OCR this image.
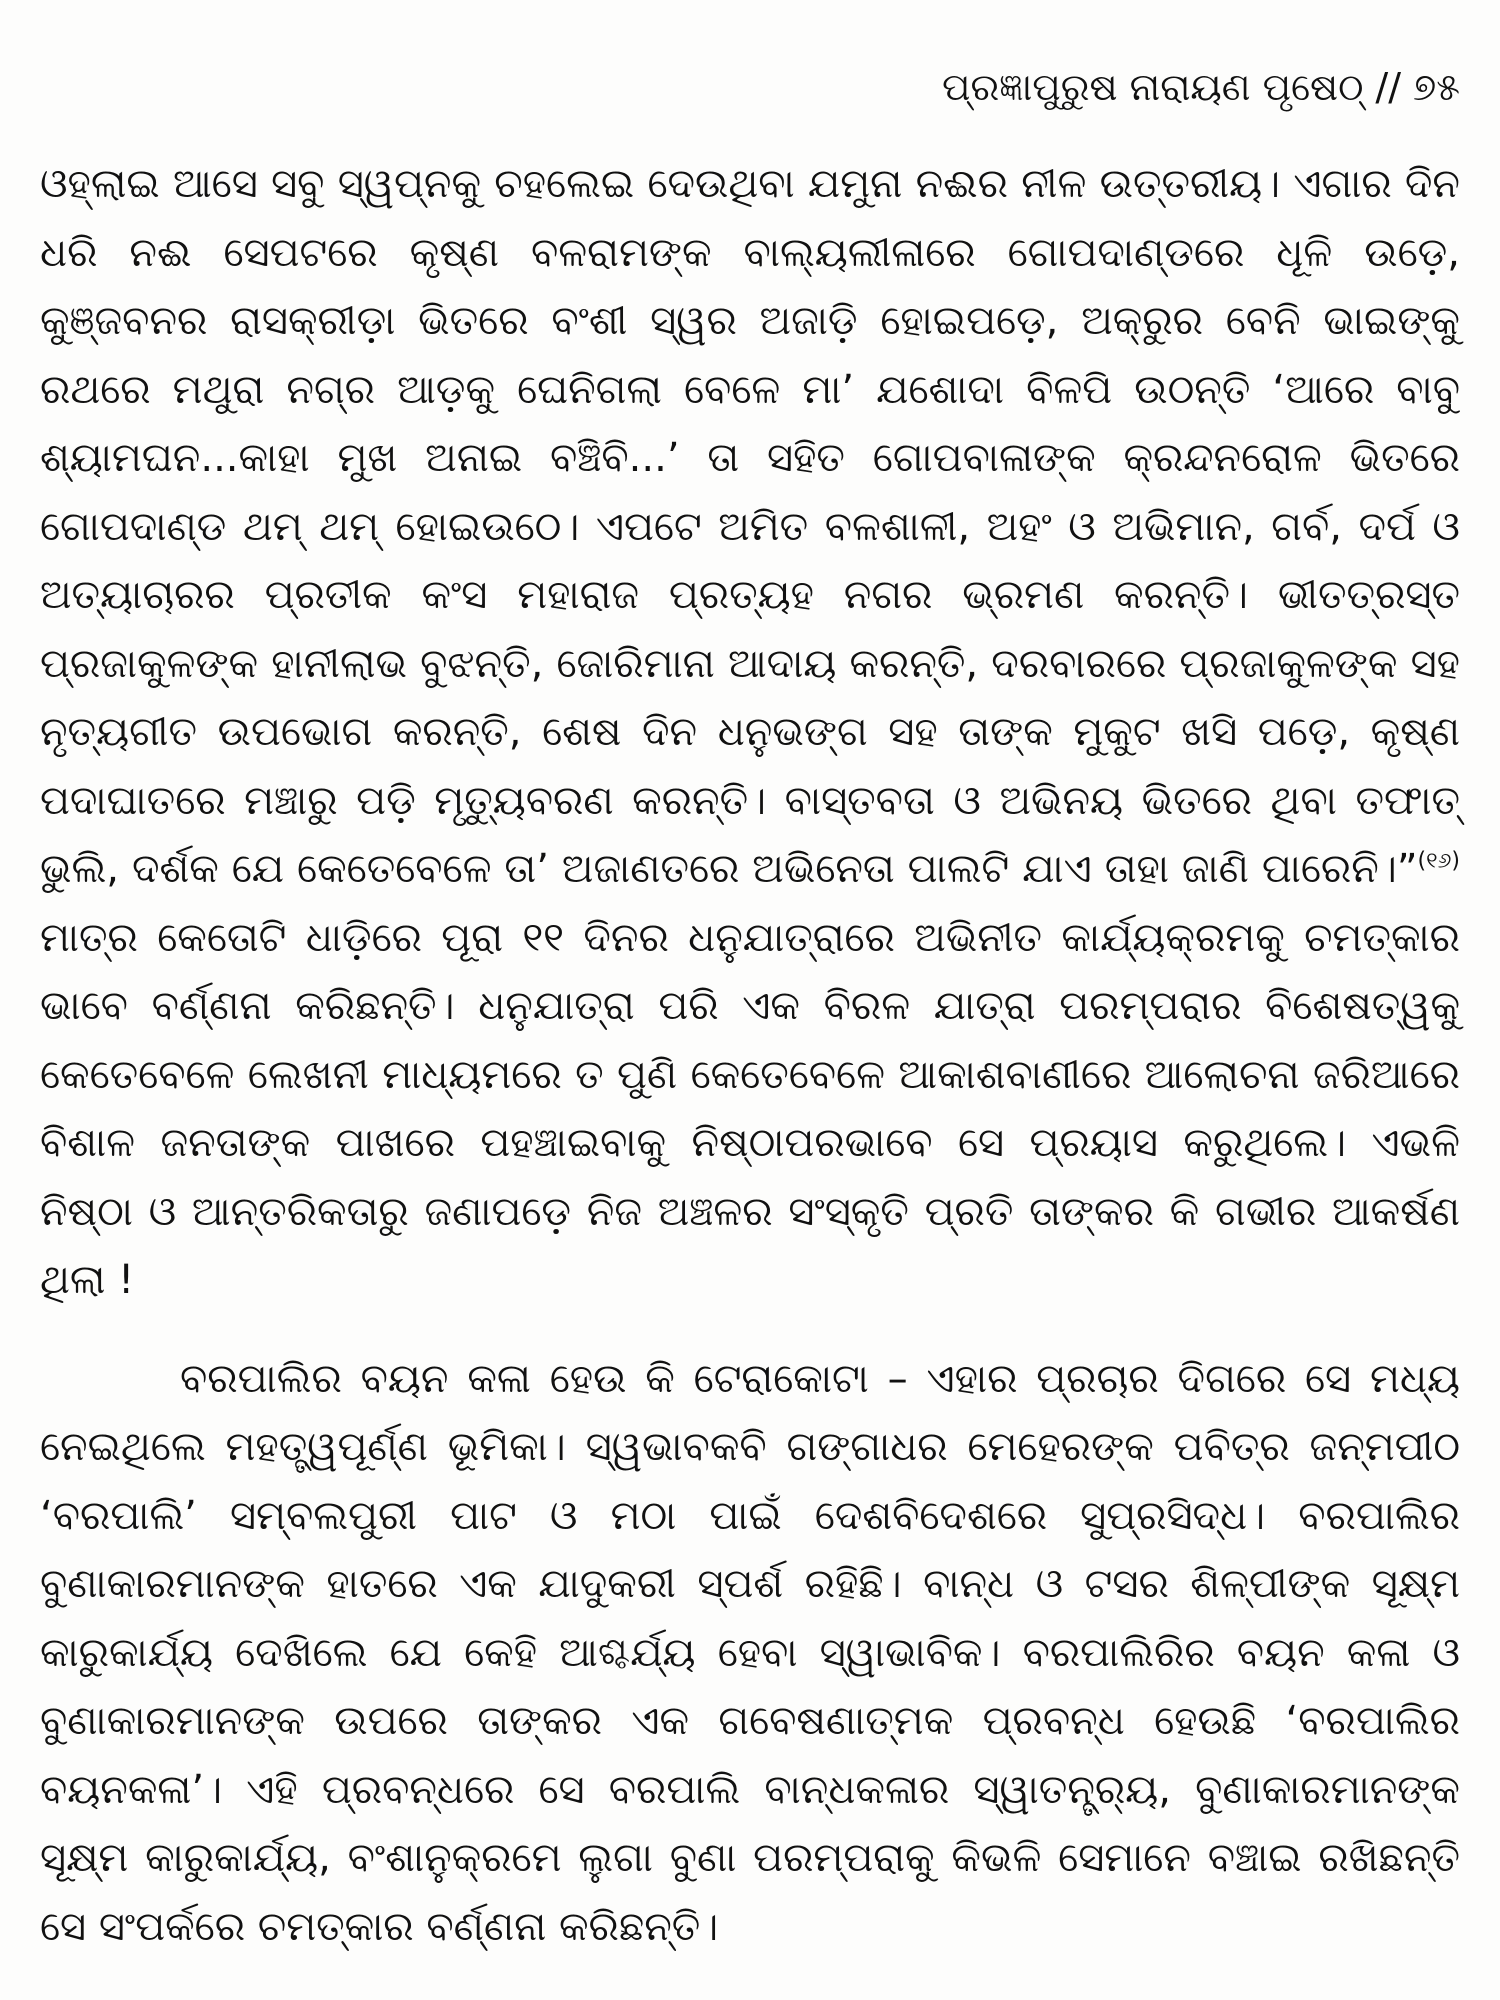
ପ୍ରଜ୍ଞାପୁରୁଷ ନାରାୟଣ ପୃଷେଠ୍ // ୭୫

ଓହ୍ଲାଇ ଆସେ ସବୁ ସ୍ୱପ୍ନକୁ ଚହଲେଇ ଦେଉଥିବା ଯମୁନା ନଈର ନୀଳ ଉତ୍ତରୀୟ। ଏଗାର ଦିନ ଧରି ନଈ ସେପଟରେ କୃଷ୍ଣ ବଳରାମଙ୍କ ବାଲ୍ୟଲୀଳାରେ ଗୋପଦାଣ୍ଡରେ ଧୂଳି ଉଡ଼େ, କୁଞ୍ଜବନର ରାସକ୍ରୀଡ଼ା ଭିତରେ ବଂଶୀ ସ୍ୱର ଅଜାଡ଼ି ହୋଇପଡ଼େ, ଅକ୍ରୁର ବେନି ଭାଇଙ୍କୁ ରଥରେ ମଥୁରା ନଗ୍ର ଆଡ଼କୁ ଘେନିଗଲା ବେଳେ ମା’ ଯଶୋଦା ବିଳପି ଉଠନ୍ତି ‘ଆରେ ବାବୁ ଶ୍ୟାମଘନ...କାହା ମୁଖ ଅନାଇ ବଞ୍ଚିବି...’ ତା ସହିତ ଗୋପବାଳାଙ୍କ କ୍ରନ୍ଦନରୋଳ ଭିତରେ ଗୋପଦାଣ୍ଡ ଥମ୍ ଥମ୍ ହୋଇଉଠେ। ଏପଟେ ଅମିତ ବଳଶାଳୀ, ଅହଂ ଓ ଅଭିମାନ, ଗର୍ବ, ଦର୍ପ ଓ ଅତ୍ୟାଚାରର ପ୍ରତୀକ କଂସ ମହାରାଜ ପ୍ରତ୍ୟହ ନଗର ଭ୍ରମଣ କରନ୍ତି। ଭୀତତ୍ରସ୍ତ ପ୍ରଜାକୁଳଙ୍କ ହାନୀଲାଭ ବୁଝନ୍ତି, ଜୋରିମାନା ଆଦାୟ କରନ୍ତି, ଦରବାରରେ ପ୍ରଜାକୁଳଙ୍କ ସହ ନୃତ୍ୟଗୀତ ଉପଭୋଗ କରନ୍ତି, ଶେଷ ଦିନ ଧନୁଭଙ୍ଗ ସହ ତାଙ୍କ ମୁକୁଟ ଖସି ପଡ଼େ, କୃଷ୍ଣ ପଦାଘାତରେ ମଞ୍ଚାରୁ ପଡ଼ି ମୃତ୍ୟୁବରଣ କରନ୍ତି। ବାସ୍ତବତା ଓ ଅଭିନୟ ଭିତରେ ଥିବା ତଫାତ୍ ଭୁଲି, ଦର୍ଶକ ଯେ କେତେବେଳେ ତା’ ଅଜାଣତରେ ଅଭିନେତା ପାଲଟି ଯାଏ ତାହା ଜାଣି ପାରେନି।”$^{(୧୬)}$ ମାତ୍ର କେତୋଟି ଧାଡ଼ିରେ ପୂରା ୧୧ ଦିନର ଧନୁଯାତ୍ରାରେ ଅଭିନୀତ କାର୍ଯ୍ୟକ୍ରମକୁ ଚମତ୍କାର ଭାବେ ବର୍ଣ୍ଣନା କରିଛନ୍ତି। ଧନୁଯାତ୍ରା ପରି ଏକ ବିରଳ ଯାତ୍ରା ପରମ୍ପରାର ବିଶେଷତ୍ୱକୁ କେତେବେଳେ ଲେଖନୀ ମାଧ୍ୟମରେ ତ ପୁଣି କେତେବେଳେ ଆକାଶବାଣୀରେ ଆଲୋଚନା ଜରିଆରେ ବିଶାଳ ଜନତାଙ୍କ ପାଖରେ ପହଞ୍ଚାଇବାକୁ ନିଷ୍ଠାପରଭାବେ ସେ ପ୍ରୟାସ କରୁଥିଲେ। ଏଭଳି ନିଷ୍ଠା ଓ ଆନ୍ତରିକତାରୁ ଜଣାପଡ଼େ ନିଜ ଅଞ୍ଚଳର ସଂସ୍କୃତି ପ୍ରତି ତାଙ୍କର କି ଗଭୀର ଆକର୍ଷଣ ଥିଲା !

ବରପାଲିର ବୟନ କଳା ହେଉ କି ଟେରାକୋଟା – ଏହାର ପ୍ରଚାର ଦିଗରେ ସେ ମଧ୍ୟ ନେଇଥିଲେ ମହତ୍ତ୍ୱପୂର୍ଣ୍ଣ ଭୂମିକା। ସ୍ୱଭାବକବି ଗଙ୍ଗାଧର ମେହେରଙ୍କ ପବିତ୍ର ଜନ୍ମପୀଠ ‘ବରପାଲି’ ସମ୍ବଲପୁରୀ ପାଟ ଓ ମଠା ପାଇଁ ଦେଶବିଦେଶରେ ସୁପ୍ରସିଦ୍ଧ। ବରପାଲିର ବୁଣାକାରମାନଙ୍କ ହାତରେ ଏକ ଯାଦୁକରୀ ସ୍ପର୍ଶ ରହିଛି। ବାନ୍ଧ ଓ ଟସର ଶିଳ୍ପୀଙ୍କ ସୂକ୍ଷ୍ମ କାରୁକାର୍ଯ୍ୟ ଦେଖିଲେ ଯେ କେହି ଆଶ୍ଚର୍ଯ୍ୟ ହେବା ସ୍ୱାଭାବିକ। ବରପାଲିରିର ବୟନ କଳା ଓ ବୁଣାକାରମାନଙ୍କ ଉପରେ ତାଙ୍କର ଏକ ଗବେଷଣାତ୍ମକ ପ୍ରବନ୍ଧ ହେଉଛି ‘ବରପାଲିର ବୟନକଳା’। ଏହି ପ୍ରବନ୍ଧରେ ସେ ବରପାଲି ବାନ୍ଧକଳାର ସ୍ୱାତନ୍ତ୍ର୍ୟ, ବୁଣାକାରମାନଙ୍କ ସୂକ୍ଷ୍ମ କାରୁକାର୍ଯ୍ୟ, ବଂଶାନୁକ୍ରମେ ଲୁଗା ବୁଣା ପରମ୍ପରାକୁ କିଭଳି ସେମାନେ ବଞ୍ଚାଇ ରଖିଛନ୍ତି ସେ ସଂପର୍କରେ ଚମତ୍କାର ବର୍ଣ୍ଣନା କରିଛନ୍ତି।
